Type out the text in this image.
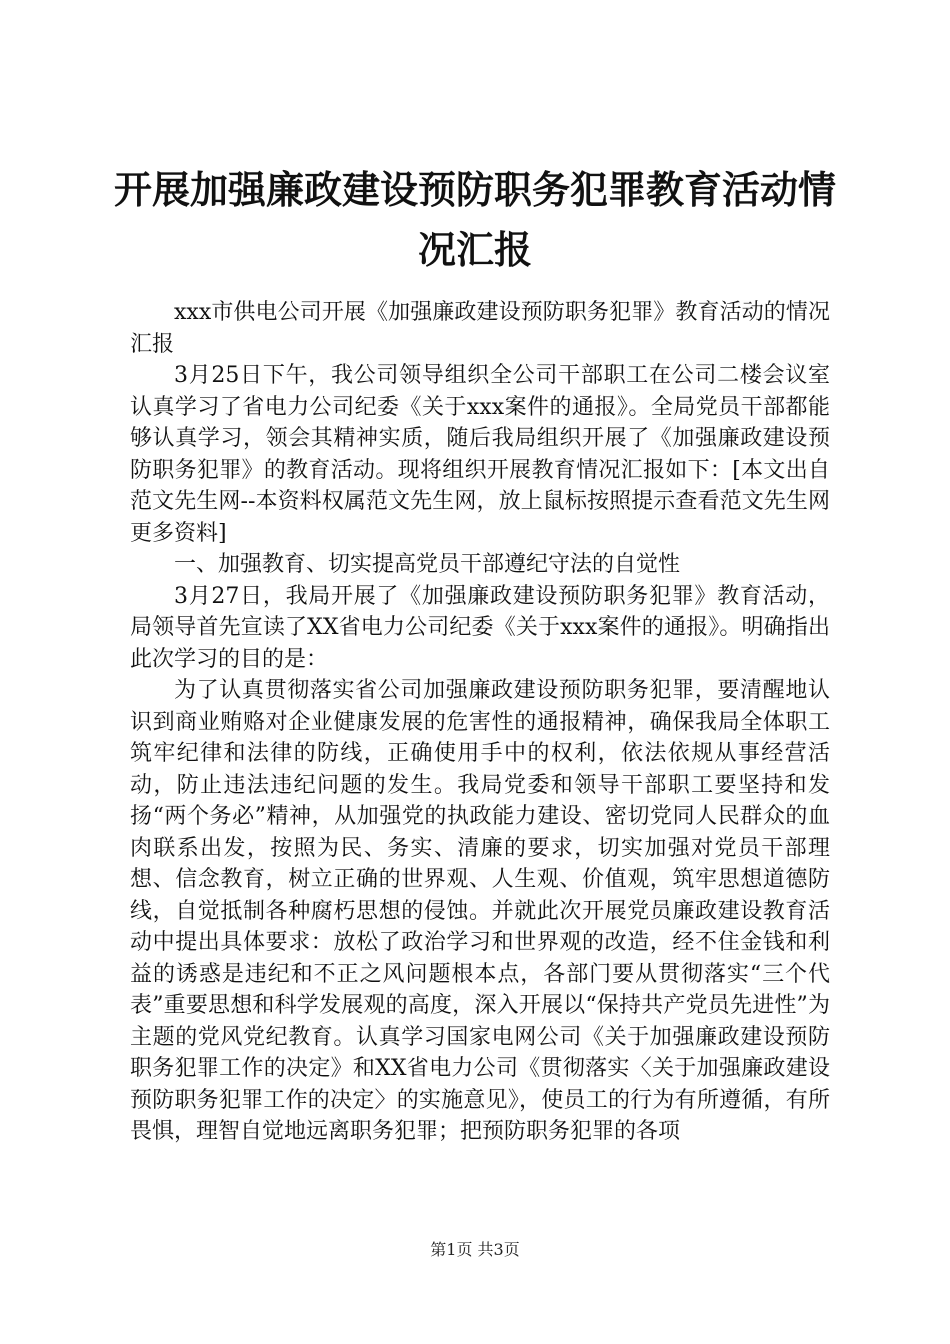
开展加强廉政建设预防职务犯罪教育活动情况汇报

xxx市供电公司开展《加强廉政建设预防职务犯罪》教育活动的情况汇报

3月25日下午，我公司领导组织全公司干部职工在公司二楼会议室认真学习了省电力公司纪委《关于xxx案件的通报》。全局党员干部都能够认真学习，领会其精神实质，随后我局组织开展了《加强廉政建设预防职务犯罪》的教育活动。现将组织开展教育情况汇报如下：[本文出自范文先生网--本资料权属范文先生网，放上鼠标按照提示查看范文先生网更多资料]

一、加强教育、切实提高党员干部遵纪守法的自觉性

3月27日，我局开展了《加强廉政建设预防职务犯罪》教育活动，局领导首先宣读了XX省电力公司纪委《关于xxx案件的通报》。明确指出此次学习的目的是：

为了认真贯彻落实省公司加强廉政建设预防职务犯罪，要清醒地认识到商业贿赂对企业健康发展的危害性的通报精神，确保我局全体职工筑牢纪律和法律的防线，正确使用手中的权利，依法依规从事经营活动，防止违法违纪问题的发生。我局党委和领导干部职工要坚持和发扬“两个务必”精神，从加强党的执政能力建设、密切党同人民群众的血肉联系出发，按照为民、务实、清廉的要求，切实加强对党员干部理想、信念教育，树立正确的世界观、人生观、价值观，筑牢思想道德防线，自觉抵制各种腐朽思想的侵蚀。并就此次开展党员廉政建设教育活动中提出具体要求：放松了政治学习和世界观的改造，经不住金钱和利益的诱惑是违纪和不正之风问题根本点，各部门要从贯彻落实“三个代表”重要思想和科学发展观的高度，深入开展以“保持共产党员先进性”为主题的党风党纪教育。认真学习国家电网公司《关于加强廉政建设预防职务犯罪工作的决定》和XX省电力公司《贯彻落实〈关于加强廉政建设预防职务犯罪工作的决定〉的实施意见》，使员工的行为有所遵循，有所畏惧，理智自觉地远离职务犯罪；把预防职务犯罪的各项

第1页 共3页
